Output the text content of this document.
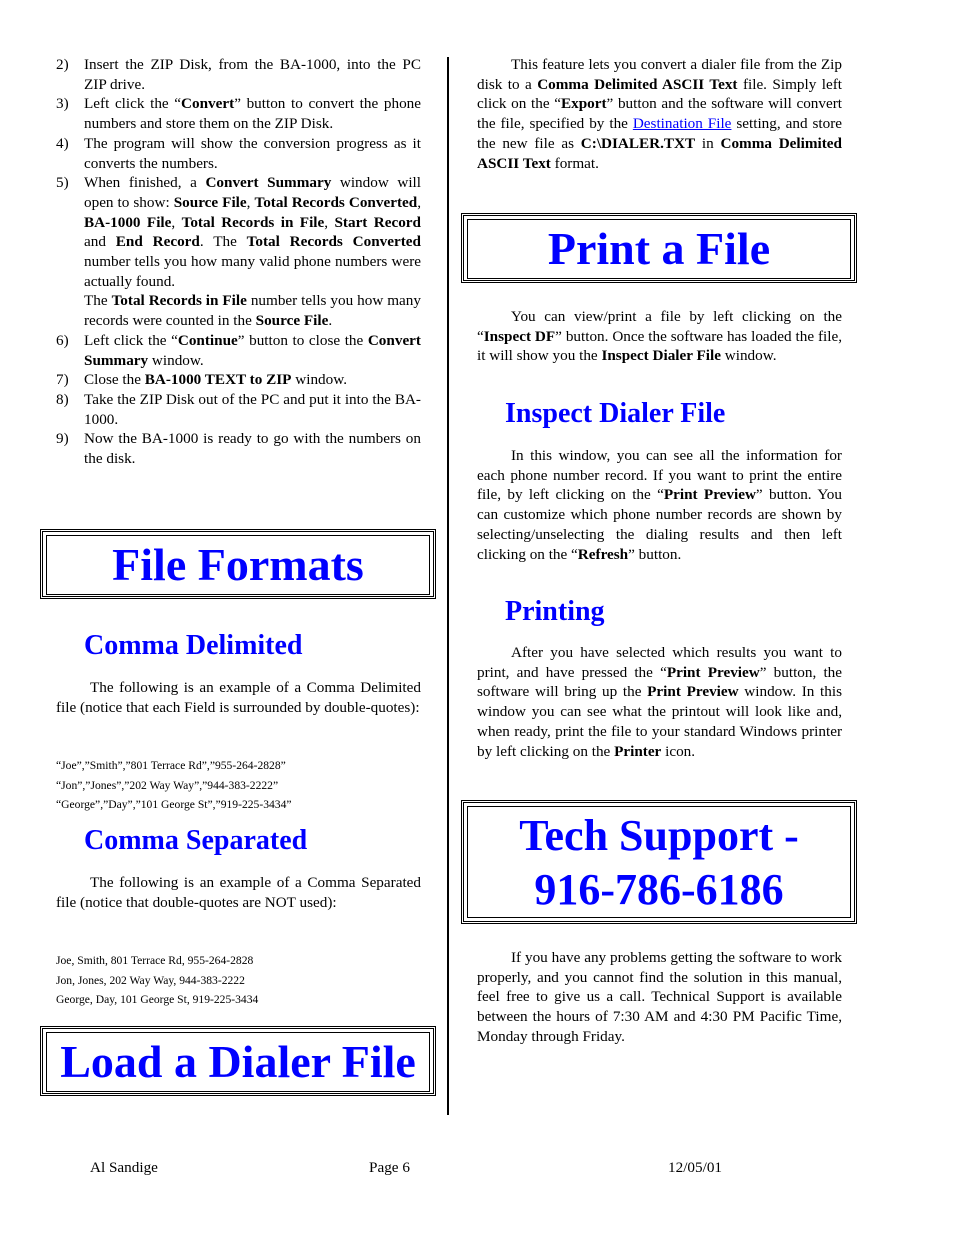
2) Insert the ZIP Disk, from the BA-1000, into the PC ZIP drive.
3) Left click the “Convert” button to convert the phone numbers and store them on the ZIP Disk.
4) The program will show the conversion progress as it converts the numbers.
5) When finished, a Convert Summary window will open to show: Source File, Total Records Converted, BA-1000 File, Total Records in File, Start Record and End Record. The Total Records Converted number tells you how many valid phone numbers were actually found.
The Total Records in File number tells you how many records were counted in the Source File.
6) Left click the “Continue” button to close the Convert Summary window.
7) Close the BA-1000 TEXT to ZIP window.
8) Take the ZIP Disk out of the PC and put it into the BA-1000.
9) Now the BA-1000 is ready to go with the numbers on the disk.
File Formats
Comma Delimited

The following is an example of a Comma Delimited file (notice that each Field is surrounded by double-quotes):

“Joe”,”Smith”,”801 Terrace Rd”,”955-264-2828”
“Jon”,”Jones”,”202 Way Way”,”944-383-2222”
“George”,”Day”,”101 George St”,”919-225-3434”
Comma Separated

The following is an example of a Comma Separated file (notice that double-quotes are NOT used):

Joe, Smith, 801 Terrace Rd, 955-264-2828
Jon, Jones, 202 Way Way, 944-383-2222
George, Day, 101 George St, 919-225-3434
Load a Dialer File

This feature lets you convert a dialer file from the Zip disk to a Comma Delimited ASCII Text file. Simply left click on the “Export” button and the software will convert the file, specified by the Destination File setting, and store the new file as C:\DIALER.TXT in Comma Delimited ASCII Text format.

Print a File

You can view/print a file by left clicking on the “Inspect DF” button. Once the software has loaded the file, it will show you the Inspect Dialer File window.

Inspect Dialer File

In this window, you can see all the information for each phone number record. If you want to print the entire file, by left clicking on the “Print Preview” button. You can customize which phone number records are shown by selecting/unselecting the dialing results and then left clicking on the “Refresh” button.

Printing

After you have selected which results you want to print, and have pressed the “Print Preview” button, the software will bring up the Print Preview window. In this window you can see what the printout will look like and, when ready, print the file to your standard Windows printer by left clicking on the Printer icon.

Tech Support -
916-786-6186

If you have any problems getting the software to work properly, and you cannot find the solution in this manual, feel free to give us a call. Technical Support is available between the hours of 7:30 AM and 4:30 PM Pacific Time, Monday through Friday.

Al Sandige	Page 6	12/05/01
